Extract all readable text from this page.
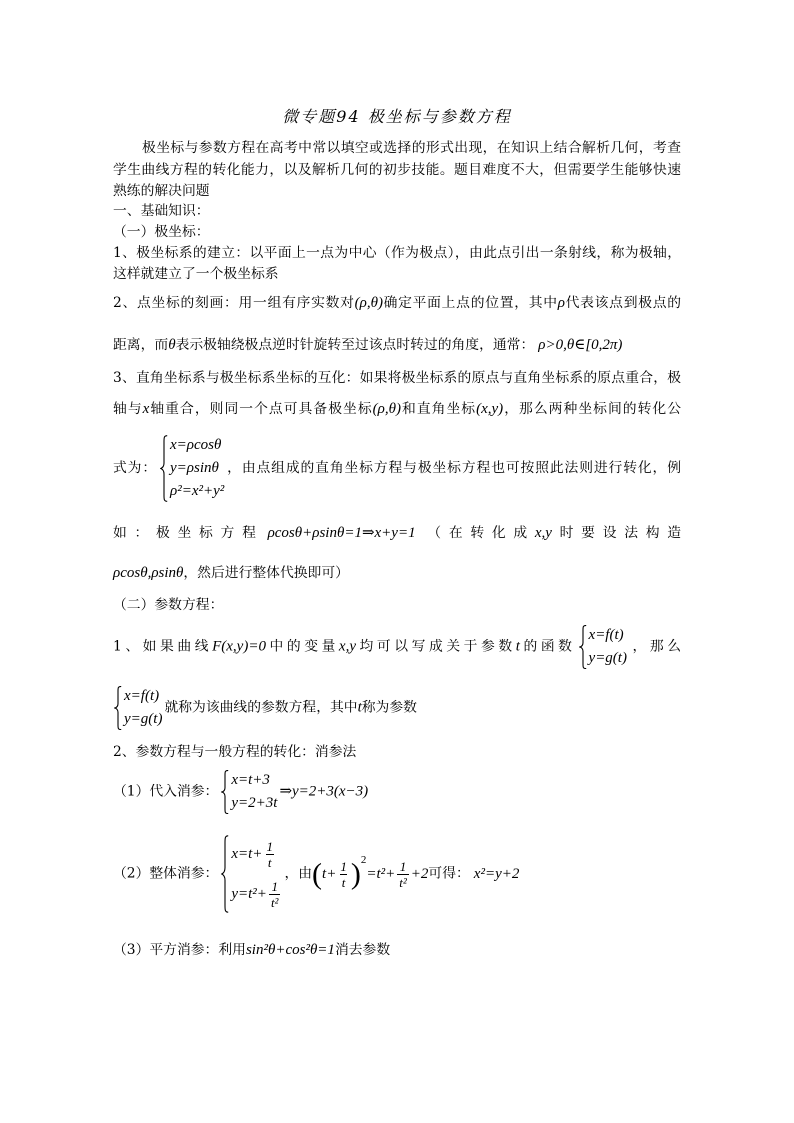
微专题94 极坐标与参数方程
极坐标与参数方程在高考中常以填空或选择的形式出现，在知识上结合解析几何，考查
学生曲线方程的转化能力，以及解析几何的初步技能。题目难度不大，但需要学生能够快速
熟练的解决问题
一、基础知识：
（一）极坐标：
1、极坐标系的建立：以平面上一点为中心（作为极点），由此点引出一条射线，称为极轴，
这样就建立了一个极坐标系
2、点坐标的刻画：用一组有序实数对(ρ,θ)确定平面上点的位置，其中ρ代表该点到极点的
距离，而θ表示极轴绕极点逆时针旋转至过该点时转过的角度，通常： ρ>0,θ∈[0,2π)
3、直角坐标系与极坐标系坐标的互化：如果将极坐标系的原点与直角坐标系的原点重合，极
轴与x轴重合，则同一个点可具备极坐标(ρ,θ)和直角坐标(x,y)，那么两种坐标间的转化公
式为：
x=ρcosθ
y=ρsinθ
ρ²=x²+y²
，由点组成的直角坐标方程与极坐标方程也可按照此法则进行转化，例
如：极坐标方程 ρcosθ+ρsinθ=1⇒x+y=1 （在转化成x,y时要设法构造
ρcosθ,ρsinθ，然后进行整体代换即可）
（二）参数方程：
1、如果曲线F(x,y)=0中的变量x,y均可以写成关于参数t的函数
x=f(t)
y=g(t)
，那么
x=f(t)
y=g(t)
就称为该曲线的参数方程，其中t称为参数
2、参数方程与一般方程的转化：消参法
（1）代入消参：
x=t+3
y=2+3t
⇒y=2+3(x−3)
（2）整体消参：
$x=t+ \frac{1}{t}$
$y=t^2+ \frac{1}{\text{t²}}$
，由$(t+ \frac{1}{t} )^2=t^2+ \frac{1}{\text{t²}} +2$可得： x²=y+2
（3）平方消参：利用sin²θ+cos²θ=1消去参数
